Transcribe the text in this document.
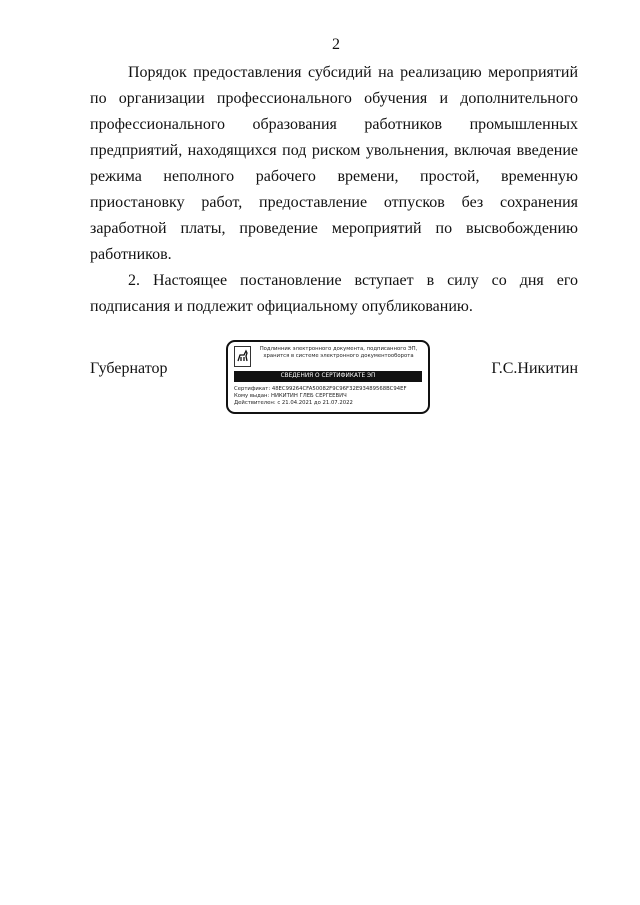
2

Порядок предоставления субсидий на реализацию мероприятий по организации профессионального обучения и дополнительного профессионального образования работников промышленных предприятий, находящихся под риском увольнения, включая введение режима неполного рабочего времени, простой, временную приостановку работ, предоставление отпусков без сохранения заработной платы, проведение мероприятий по высвобождению работников.

2. Настоящее постановление вступает в силу со дня его подписания и подлежит официальному опубликованию.

Губернатор	Г.С.Никитин
Подлинник электронного документа, подписанного ЭП, хранится в системе электронного документооборота
СВЕДЕНИЯ О СЕРТИФИКАТЕ ЭП
Сертификат: 48EC99264CFA50082F9C96F32E93489568BC94EF
Кому выдан: НИКИТИН ГЛЕБ СЕРГЕЕВИЧ
Действителен: с 21.04.2021 до 21.07.2022
